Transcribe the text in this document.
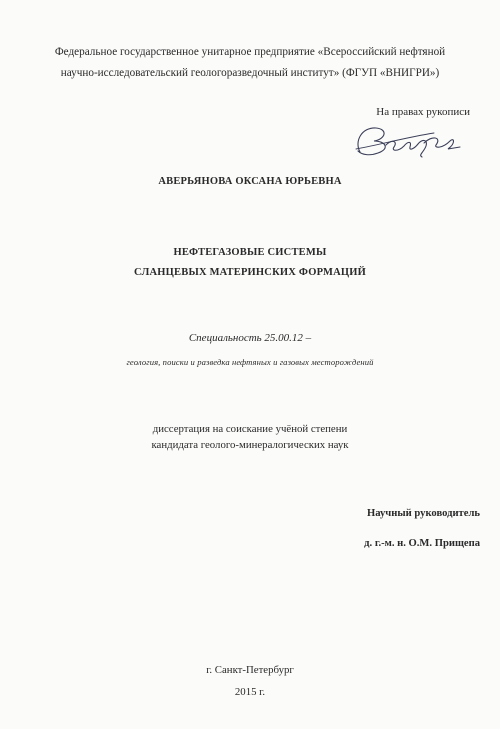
Федеральное государственное унитарное предприятие «Всероссийский нефтяной
научно-исследовательский геологоразведочный институт» (ФГУП «ВНИГРИ»)
На правах рукописи
АВЕРЬЯНОВА ОКСАНА ЮРЬЕВНА
НЕФТЕГАЗОВЫЕ СИСТЕМЫ
СЛАНЦЕВЫХ МАТЕРИНСКИХ ФОРМАЦИЙ
Специальность 25.00.12 –
геология, поиски и разведка нефтяных и газовых месторождений
диссертация на соискание учёной степени
кандидата геолого-минералогических наук
Научный руководитель
д. г.-м. н. О.М. Прищепа
г. Санкт-Петербург
2015 г.
